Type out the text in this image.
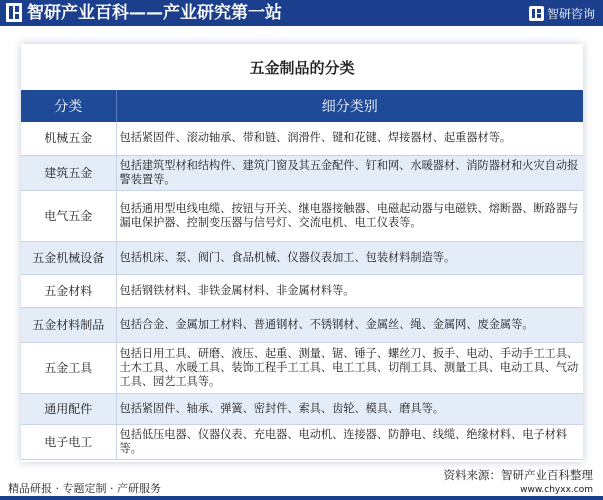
智研产业百科——产业研究第一站	智研咨询
五金制品的分类
分类	细分类别
机械五金	包括紧固件、滚动轴承、带和链、润滑件、键和花键、焊接器材、起重器材等。
建筑五金	包括建筑型材和结构件、建筑门窗及其五金配件、钉和网、水暖器材、消防器材和火灾自动报警装置等。
电气五金	包括通用型电线电缆、按钮与开关、继电器接触器、电磁起动器与电磁铁、熔断器、断路器与漏电保护器、控制变压器与信号灯、交流电机、电工仪表等。
五金机械设备	包括机床、泵、阀门、食品机械、仪器仪表加工、包装材料制造等。
五金材料	包括钢铁材料、非铁金属材料、非金属材料等。
五金材料制品	包括合金、金属加工材料、普通钢材、不锈钢材、金属丝、绳、金属网、废金属等。
五金工具	包括日用工具、研磨、液压、起重、测量、锯、锤子、螺丝刀、扳手、电动、手动手工工具、土木工具、水暖工具、装饰工程手工工具、电工工具、切削工具、测量工具、电动工具、气动工具、园艺工具等。
通用配件	包括紧固件、轴承、弹簧、密封件、索具、齿轮、模具、磨具等。
电子电工	包括低压电器、仪器仪表、充电器、电动机、连接器、防静电、线缆、绝缘材料、电子材料等。
精品研报 · 专题定制 · 产研服务
资料来源：智研产业百科整理
www.chyxx.com
